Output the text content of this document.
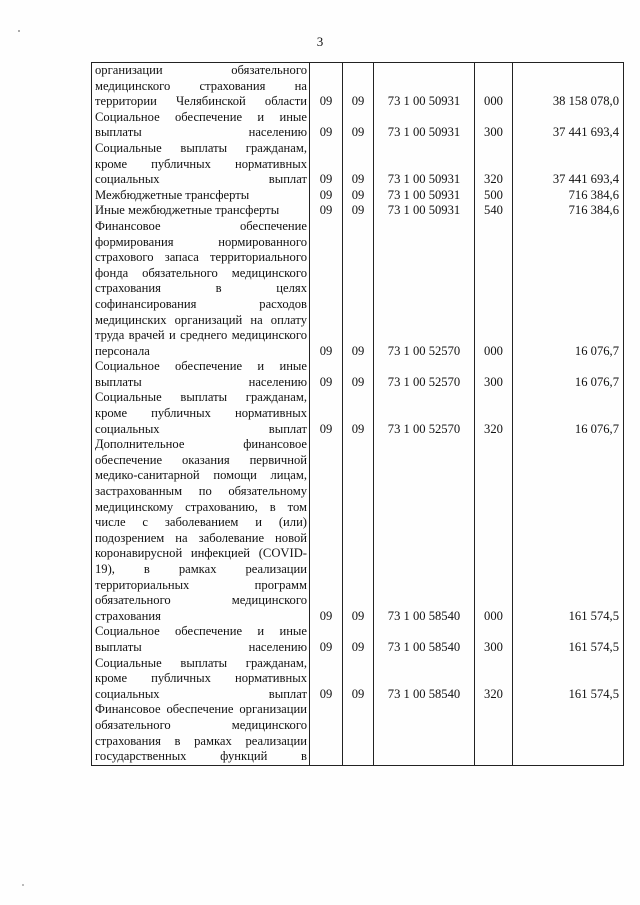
3
организации обязательного медицинского страхования на территории Челябинской области	09	09	73 1 00 50931	000	38 158 078,0
Социальное обеспечение и иные выплаты населению	09	09	73 1 00 50931	300	37 441 693,4
Социальные выплаты гражданам, кроме публичных нормативных социальных выплат	09	09	73 1 00 50931	320	37 441 693,4
Межбюджетные трансферты	09	09	73 1 00 50931	500	716 384,6
Иные межбюджетные трансферты	09	09	73 1 00 50931	540	716 384,6
Финансовое обеспечение формирования нормированного страхового запаса территориального фонда обязательного медицинского страхования в целях софинансирования расходов медицинских организаций на оплату труда врачей и среднего медицинского персонала	09	09	73 1 00 52570	000	16 076,7
Социальное обеспечение и иные выплаты населению	09	09	73 1 00 52570	300	16 076,7
Социальные выплаты гражданам, кроме публичных нормативных социальных выплат	09	09	73 1 00 52570	320	16 076,7
Дополнительное финансовое обеспечение оказания первичной медико-санитарной помощи лицам, застрахованным по обязательному медицинскому страхованию, в том числе с заболеванием и (или) подозрением на заболевание новой коронавирусной инфекцией (COVID-19), в рамках реализации территориальных программ обязательного медицинского страхования	09	09	73 1 00 58540	000	161 574,5
Социальное обеспечение и иные выплаты населению	09	09	73 1 00 58540	300	161 574,5
Социальные выплаты гражданам, кроме публичных нормативных социальных выплат	09	09	73 1 00 58540	320	161 574,5
Финансовое обеспечение организации обязательного медицинского страхования в рамках реализации государственных функций в					
